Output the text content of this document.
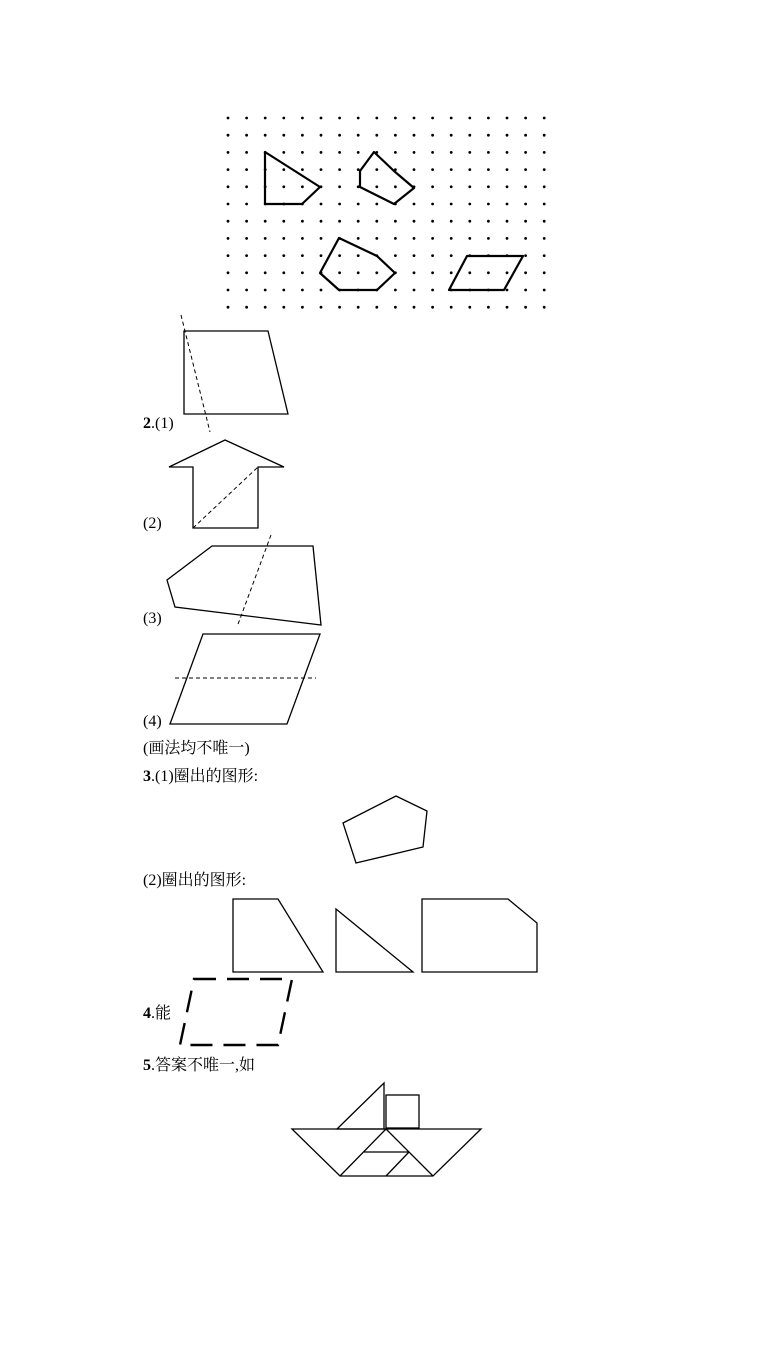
2.(1)
(2)
(3)
(4)
(画法均不唯一)
3.(1)圈出的图形:
(2)圈出的图形:
4.能
5.答案不唯一,如
